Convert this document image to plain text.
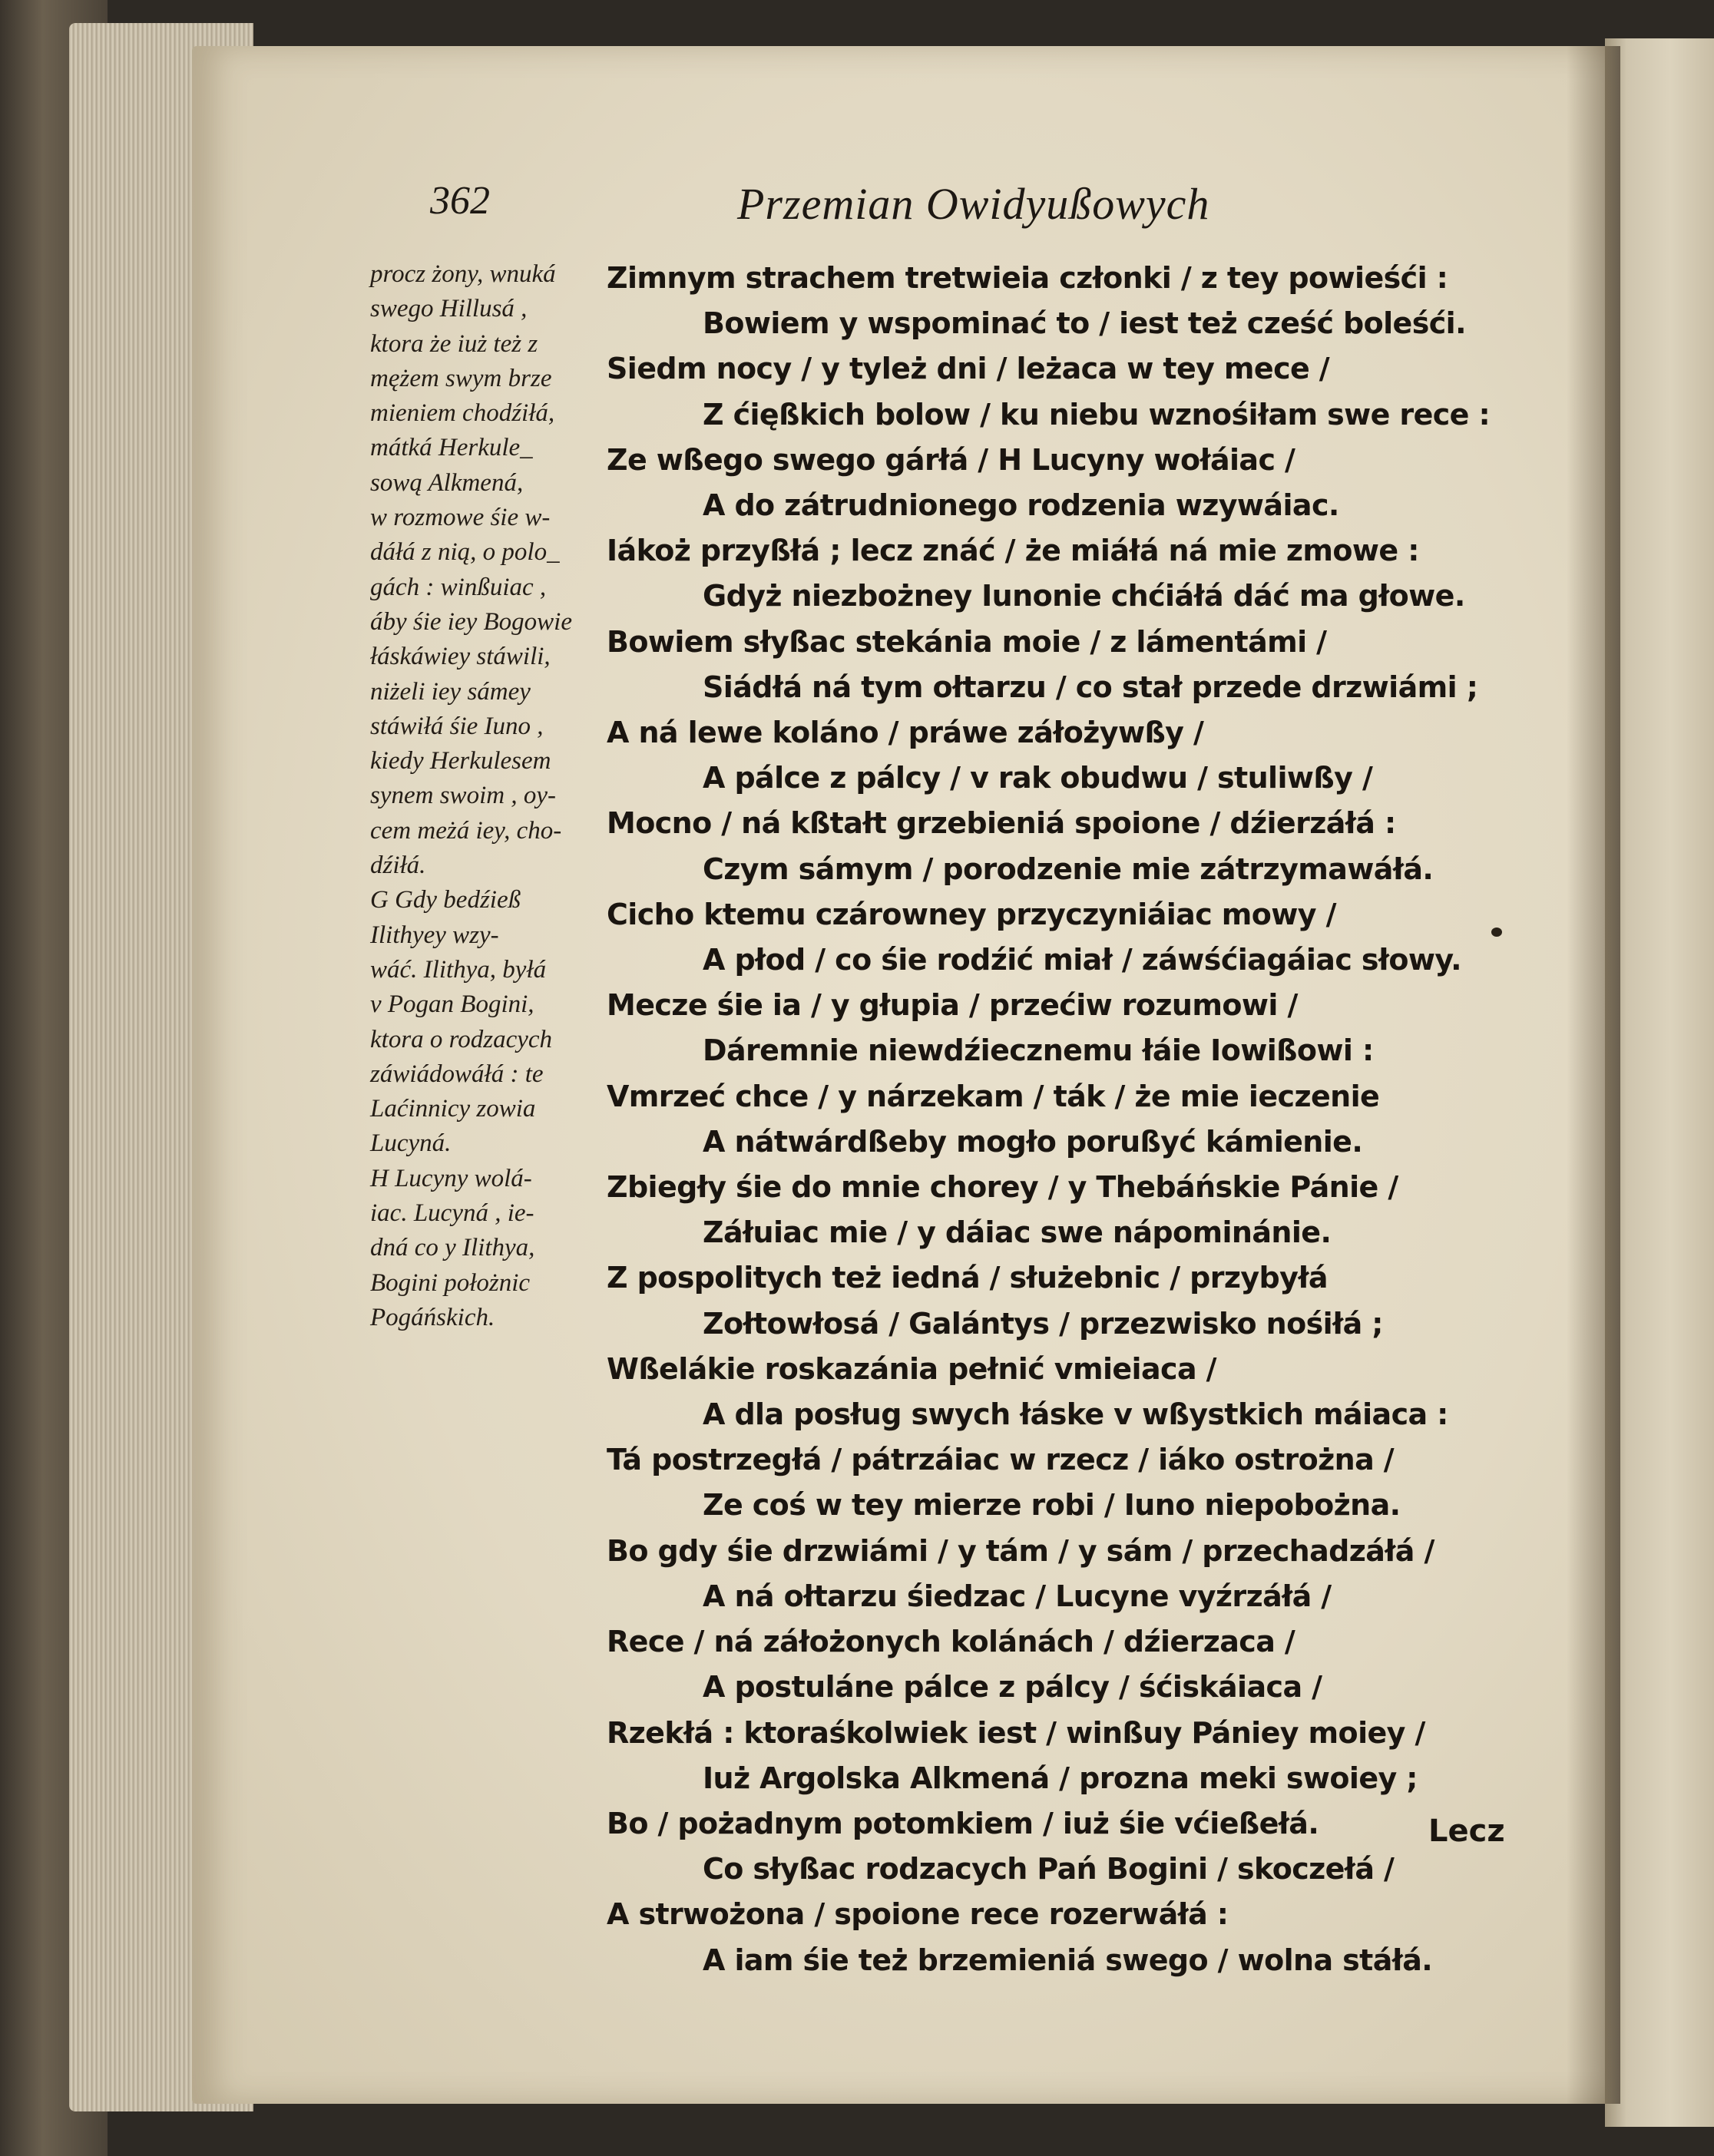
362	Przemian Owidyußowych
procz żony, wnuká
swego Hillusá ,
ktora że iuż też z
mężem swym brze
mieniem chodźiłá,
mátká Herkule_
sową Alkmená,
w rozmowe śie w-
dáłá z nią, o polo_
gách : winßuiac ,
áby śie iey Bogowie
łáskáwiey stáwili,
niżeli iey sámey
stáwiłá śie Iuno ,
kiedy Herkulesem
synem swoim , oy-
cem meżá iey, cho-
dźiłá.
G Gdy bedźieß
Ilithyey wzy-
wáć. Ilithya, byłá
v Pogan Bogini,
ktora o rodzacych
záwiádowáłá : te
Laćinnicy zowia
Lucyná.
H Lucyny wolá-
iac. Lucyná , ie-
dná co y Ilithya,
Bogini położnic
Pogáńskich.
Zimnym strachem tretwieia członki / z tey powieśći :
Bowiem y wspominać to / iest też cześć boleśći.
Siedm nocy / y tyleż dni / leżaca w tey mece /
Z ćięßkich bolow / ku niebu wznośiłam swe rece :
Ze wßego swego gárłá / H Lucyny wołáiac /
A do zátrudnionego rodzenia wzywáiac.
Iákoż przyßłá ; lecz znáć / że miáłá ná mie zmowe :
Gdyż niezbożney Iunonie chćiáłá dáć ma głowe.
Bowiem słyßac stekánia moie / z lámentámi /
Siádłá ná tym ołtarzu / co stał przede drzwiámi ;
A ná lewe koláno / práwe záłożywßy /
A pálce z pálcy / v rak obudwu / stuliwßy /
Mocno / ná kßtałt grzebieniá spoione / dźierzáłá :
Czym sámym / porodzenie mie zátrzymawáłá.
Cicho ktemu czárowney przyczyniáiac mowy /
A płod / co śie rodźić miał / záwśćiagáiac słowy.
Mecze śie ia / y głupia / przećiw rozumowi /
Dáremnie niewdźiecznemu łáie Iowißowi :
Vmrzeć chce / y nárzekam / ták / że mie ieczenie
A nátwárdßeby mogło porußyć kámienie.
Zbiegły śie do mnie chorey / y Thebáńskie Pánie /
Záłuiac mie / y dáiac swe nápominánie.
Z pospolitych też iedná / służebnic / przybyłá
Zołtowłosá / Galántys / przezwisko nośiłá ;
Wßelákie roskazánia pełnić vmieiaca /
A dla posług swych łáske v wßystkich máiaca :
Tá postrzegłá / pátrzáiac w rzecz / iáko ostrożna /
Ze coś w tey mierze robi / Iuno niepobożna.
Bo gdy śie drzwiámi / y tám / y sám / przechadzáłá /
A ná ołtarzu śiedzac / Lucyne vyźrzáłá /
Rece / ná záłożonych kolánách / dźierzaca /
A postuláne pálce z pálcy / śćiskáiaca /
Rzekłá : ktoraśkolwiek iest / winßuy Pániey moiey /
Iuż Argolska Alkmená / prozna meki swoiey ;
Bo / pożadnym potomkiem / iuż śie vćießełá.
Co słyßac rodzacych Pań Bogini / skoczełá /
A strwożona / spoione rece rozerwáłá :
A iam śie też brzemieniá swego / wolna stáłá.
Lecz
